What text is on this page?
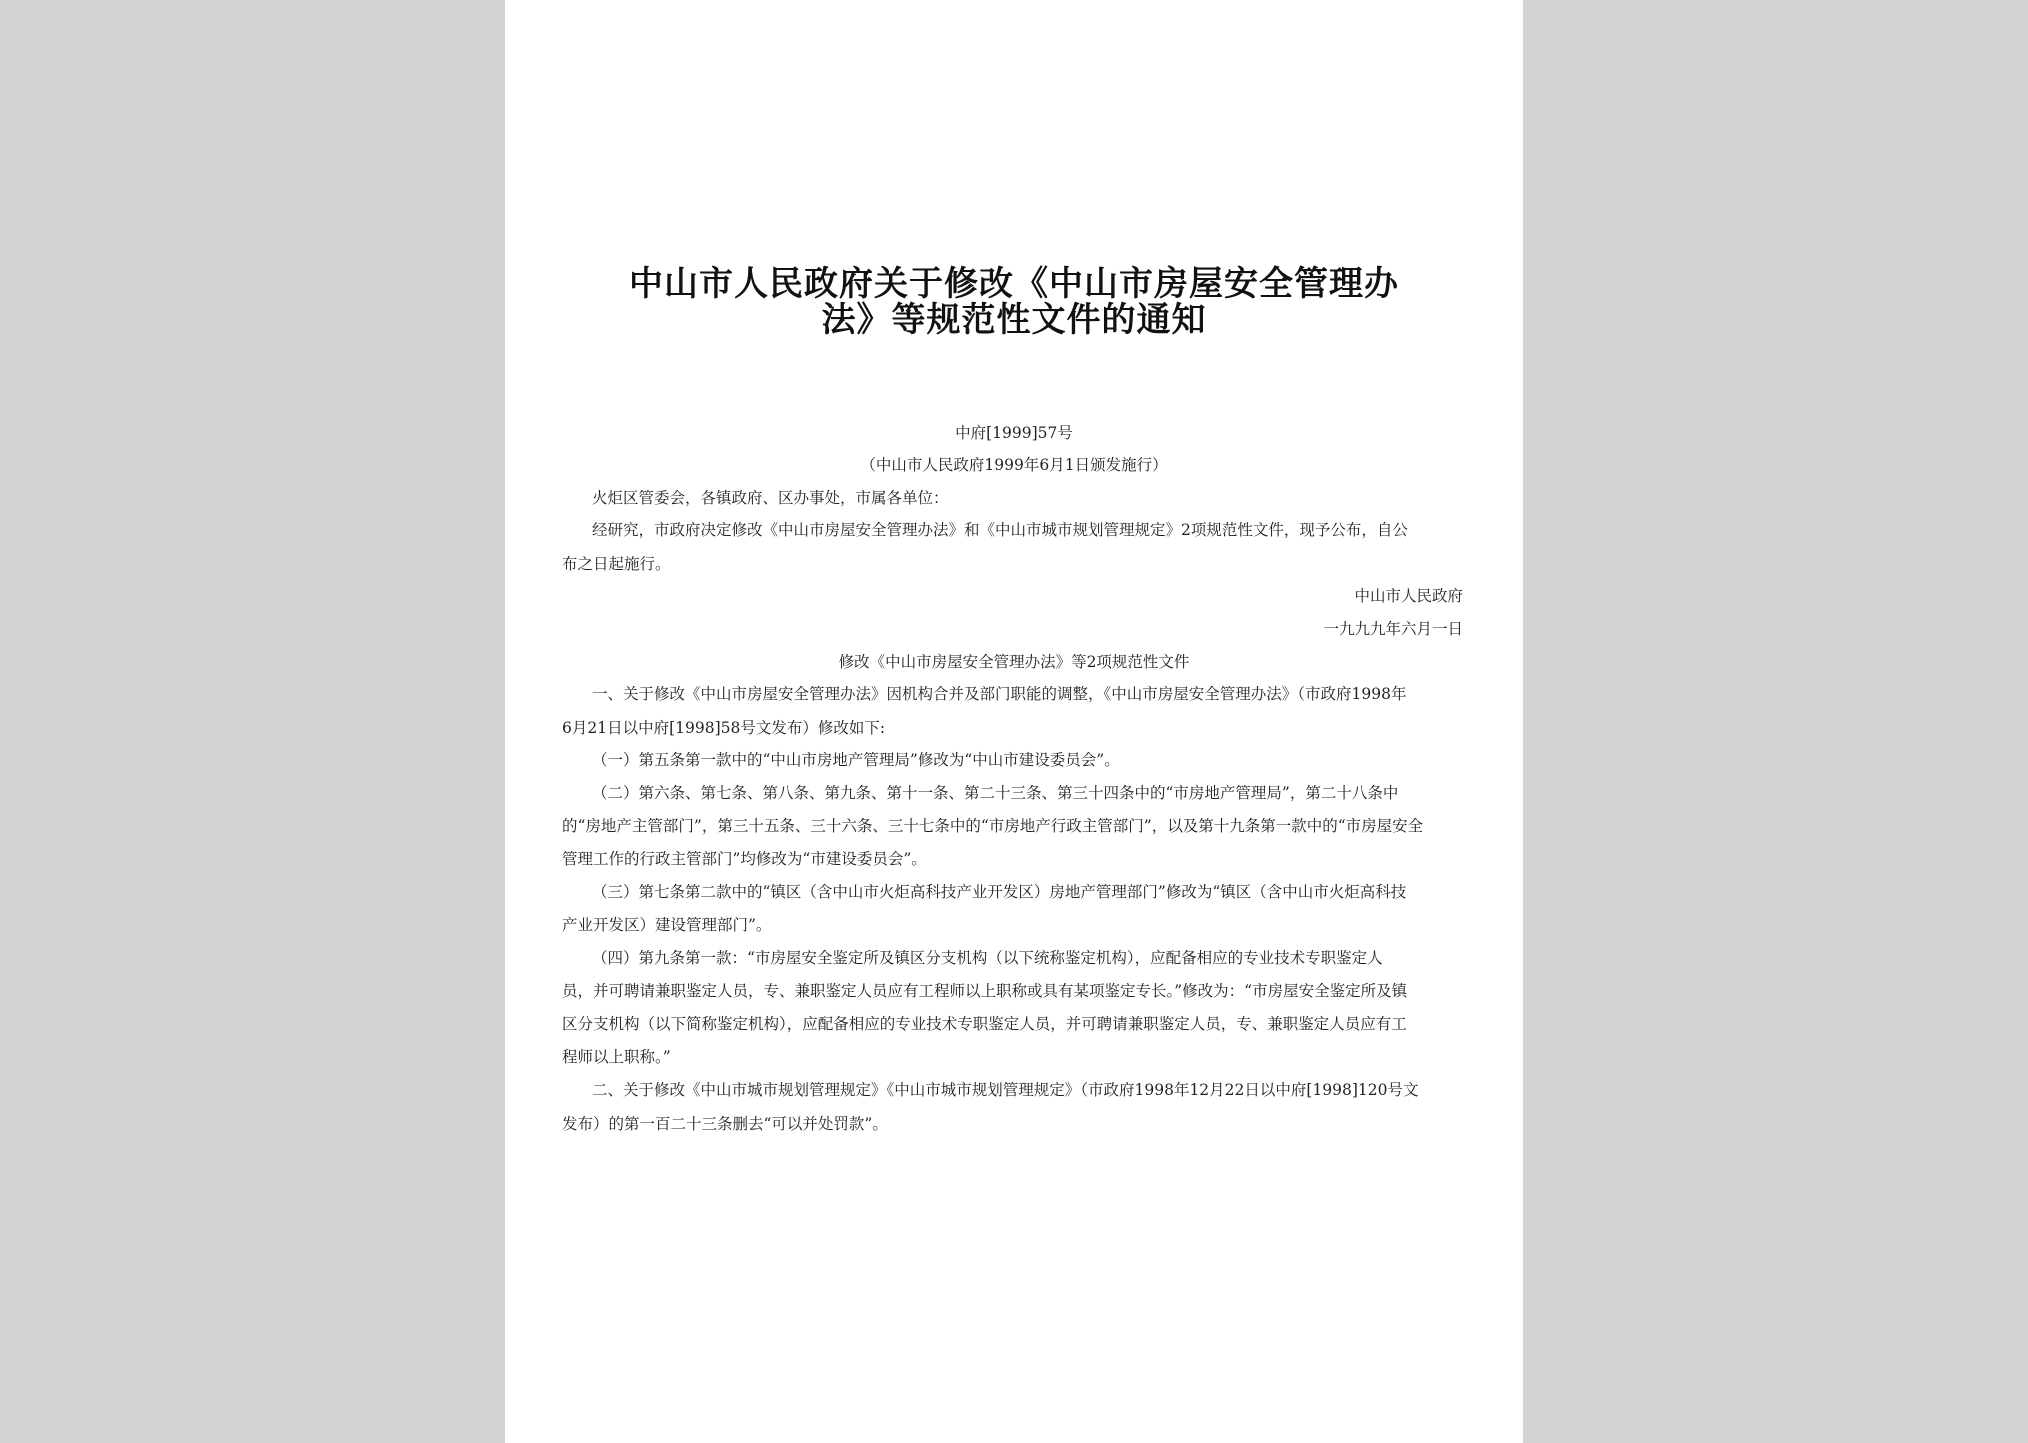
中山市人民政府关于修改《中山市房屋安全管理办
法》等规范性文件的通知
中府[1999]57号
（中山市人民政府1999年6月1日颁发施行）
火炬区管委会，各镇政府、区办事处，市属各单位：
经研究，市政府决定修改《中山市房屋安全管理办法》和《中山市城市规划管理规定》2项规范性文件，现予公布，自公
布之日起施行。
中山市人民政府
一九九九年六月一日
修改《中山市房屋安全管理办法》等2项规范性文件
一、关于修改《中山市房屋安全管理办法》因机构合并及部门职能的调整，《中山市房屋安全管理办法》（市政府1998年
6月21日以中府[1998]58号文发布）修改如下:
（一）第五条第一款中的“中山市房地产管理局”修改为“中山市建设委员会”。
（二）第六条、第七条、第八条、第九条、第十一条、第二十三条、第三十四条中的“市房地产管理局”，第二十八条中
的“房地产主管部门”，第三十五条、三十六条、三十七条中的“市房地产行政主管部门”，以及第十九条第一款中的“市房屋安全
管理工作的行政主管部门”均修改为“市建设委员会”。
（三）第七条第二款中的“镇区（含中山市火炬高科技产业开发区）房地产管理部门”修改为“镇区（含中山市火炬高科技
产业开发区）建设管理部门”。
（四）第九条第一款：“市房屋安全鉴定所及镇区分支机构（以下统称鉴定机构），应配备相应的专业技术专职鉴定人
员，并可聘请兼职鉴定人员，专、兼职鉴定人员应有工程师以上职称或具有某项鉴定专长。”修改为：“市房屋安全鉴定所及镇
区分支机构（以下简称鉴定机构），应配备相应的专业技术专职鉴定人员，并可聘请兼职鉴定人员，专、兼职鉴定人员应有工
程师以上职称。”
二、关于修改《中山市城市规划管理规定》《中山市城市规划管理规定》（市政府1998年12月22日以中府[1998]120号文
发布）的第一百二十三条删去“可以并处罚款”。
